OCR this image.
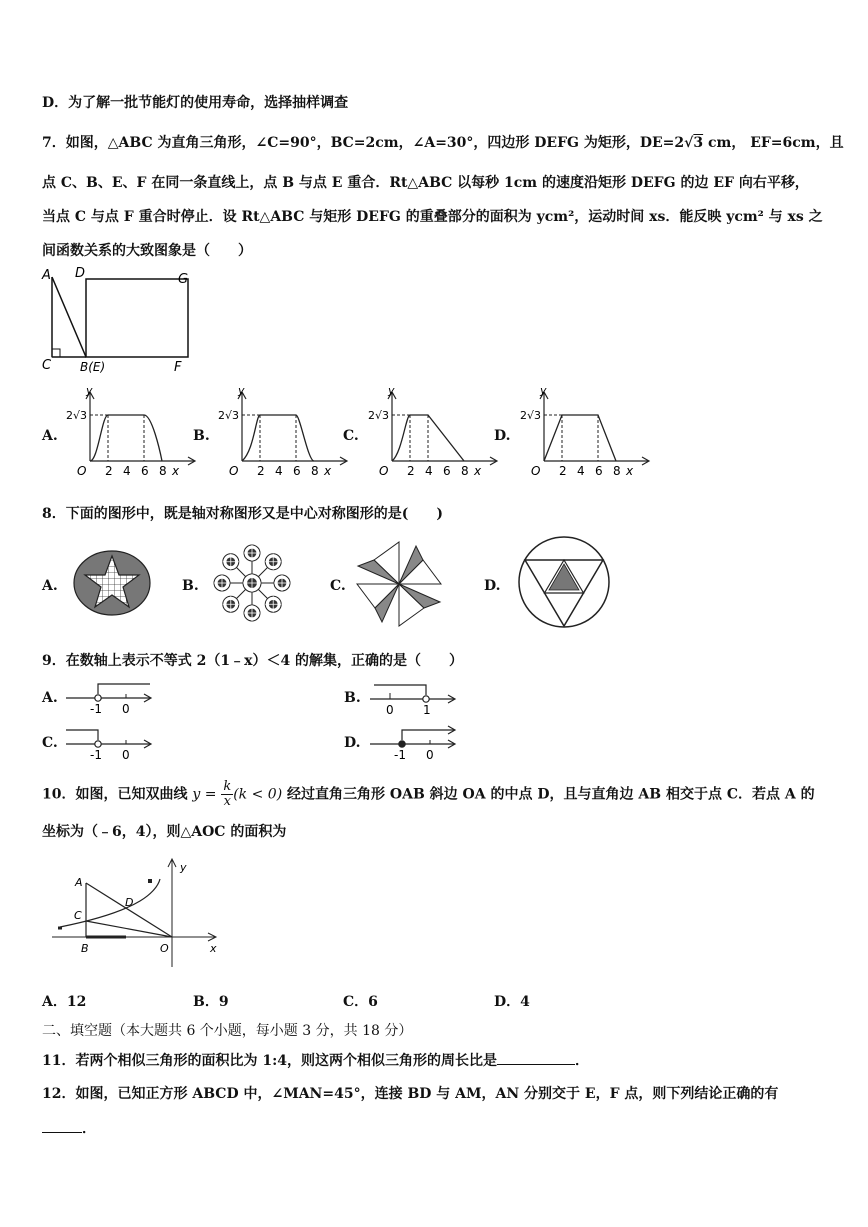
D．为了解一批节能灯的使用寿命，选择抽样调查
7．如图，△ABC 为直角三角形，∠C=90°，BC=2cm，∠A=30°，四边形 DEFG 为矩形，DE=2√3 cm， EF=6cm，且
点 C、B、E、F 在同一条直线上，点 B 与点 E 重合．Rt△ABC 以每秒 1cm 的速度沿矩形 DEFG 的边 EF 向右平移，
当点 C 与点 F 重合时停止．设 Rt△ABC 与矩形 DEFG 的重叠部分的面积为 ycm²，运动时间 xs．能反映 ycm² 与 xs 之
间函数关系的大致图象是（　　）
A
C B(E)
D	G
F
A.	B.	C.	D.
y
2√3
O 2 4 6 8 x
y
2√3
O 2 4 6 8 x
y
2√3
O 2 4 6 8 x
y
2√3
O 2 4 6 8 x
8．下面的图形中，既是轴对称图形又是中心对称图形的是(　　)
A.	B.	C.	D.
9．在数轴上表示不等式 2（1﹣x）＜4 的解集，正确的是（　　）
A.	B.
C.	D.
-1 0	0 1
-1 0	-1 0
10．如图，已知双曲线 $y = \frac{k}{x} (k < 0)$ 经过直角三角形 OAB 斜边 OA 的中点 D，且与直角边 AB 相交于点 C．若点 A 的
坐标为（﹣6，4），则△AOC 的面积为
A
C
D
B	O	x
y
A．12	B．9	C．6	D．4
二、填空题（本大题共 6 个小题，每小题 3 分，共 18 分）
11．若两个相似三角形的面积比为 1:4，则这两个相似三角形的周长比是	．
12．如图，已知正方形 ABCD 中，∠MAN=45°，连接 BD 与 AM，AN 分别交于 E，F 点，则下列结论正确的有
．
